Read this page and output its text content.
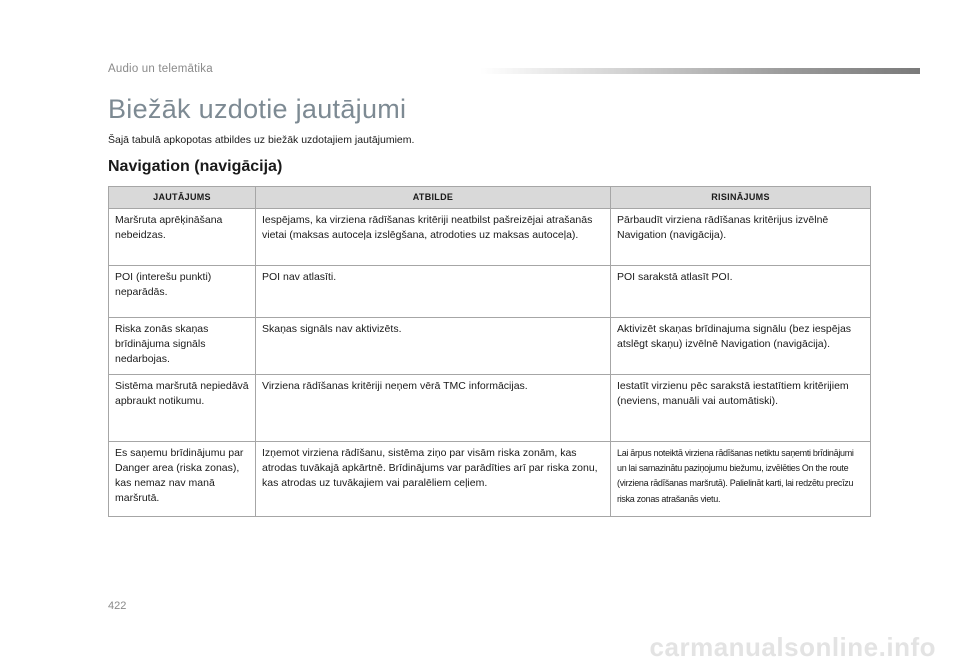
Audio un telemātika
Biežāk uzdotie jautājumi
Šajā tabulā apkopotas atbildes uz biežāk uzdotajiem jautājumiem.
Navigation (navigācija)
JAUTĀJUMS	ATBILDE	RISINĀJUMS
Maršruta aprēķināšana nebeidzas.	Iespējams, ka virziena rādīšanas kritēriji neatbilst pašreizējai atrašanās vietai (maksas autoceļa izslēgšana, atrodoties uz maksas autoceļa).	Pārbaudīt virziena rādīšanas kritērijus izvēlnē Navigation (navigācija).
POI (interešu punkti) neparādās.	POI nav atlasīti.	POI sarakstā atlasīt POI.
Riska zonās skaņas brīdinājuma signāls nedarbojas.	Skaņas signāls nav aktivizēts.	Aktivizēt skaņas brīdinajuma signālu (bez iespējas atslēgt skaņu) izvēlnē Navigation (navigācija).
Sistēma maršrutā nepiedāvā apbraukt notikumu.	Virziena rādīšanas kritēriji neņem vērā TMC informācijas.	Iestatīt virzienu pēc sarakstā iestatītiem kritērijiem (neviens, manuāli vai automātiski).
Es saņemu brīdinājumu par Danger area (riska zonas), kas nemaz nav manā maršrutā.	Izņemot virziena rādīšanu, sistēma ziņo par visām riska zonām, kas atrodas tuvākajā apkārtnē. Brīdinājums var parādīties arī par riska zonu, kas atrodas uz tuvākajiem vai paralēliem ceļiem.	Lai ārpus noteiktā virziena rādīšanas netiktu saņemti brīdinājumi un lai samazinātu paziņojumu biežumu, izvēlēties On the route (virziena rādīšanas maršrutā). Palielināt karti, lai redzētu precīzu riska zonas atrašanās vietu.
422
carmanualsonline.info
